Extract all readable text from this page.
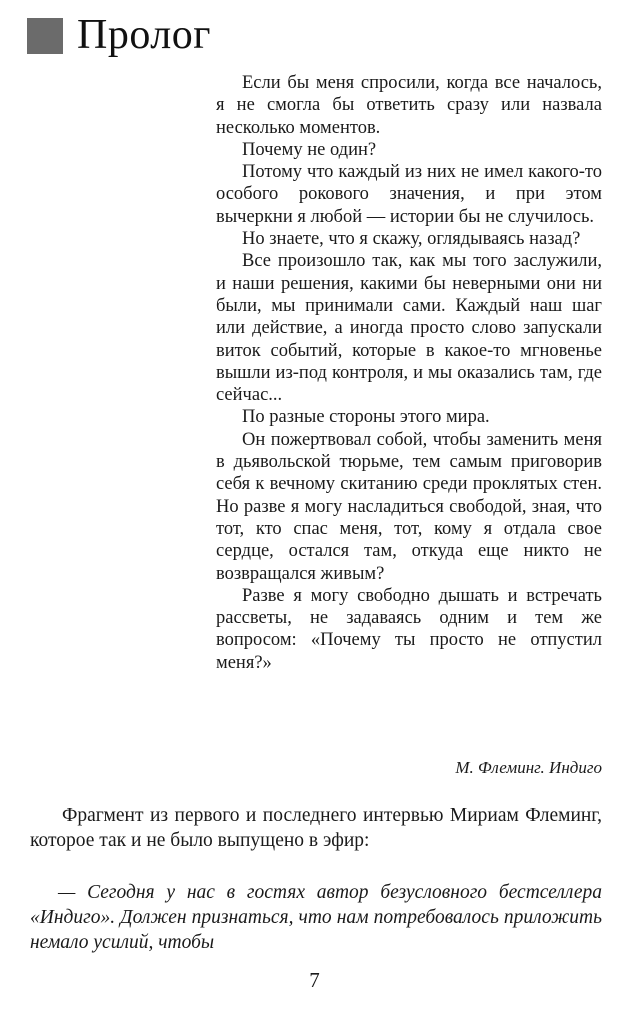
Пролог

Если бы меня спросили, когда все началось, я не смогла бы ответить сразу или назвала несколько моментов.

Почему не один?

Потому что каждый из них не имел какого-то особого рокового значения, и при этом вычеркни я любой — истории бы не случилось.

Но знаете, что я скажу, оглядываясь назад?

Все произошло так, как мы того заслужили, и наши решения, какими бы неверными они ни были, мы принимали сами. Каждый наш шаг или действие, а иногда просто слово запускали виток событий, которые в какое-то мгновенье вышли из-под контроля, и мы оказались там, где сейчас...

По разные стороны этого мира.

Он пожертвовал собой, чтобы заменить меня в дьявольской тюрьме, тем самым приговорив себя к вечному скитанию среди проклятых стен. Но разве я могу насладиться свободой, зная, что тот, кто спас меня, тот, кому я отдала свое сердце, остался там, откуда еще никто не возвращался живым?

Разве я могу свободно дышать и встречать рассветы, не задаваясь одним и тем же вопросом: «Почему ты просто не отпустил меня?»

М. Флеминг. Индиго

Фрагмент из первого и последнего интервью Мириам Флеминг, которое так и не было выпущено в эфир:

— Сегодня у нас в гостях автор безусловного бестселлера «Индиго». Должен признаться, что нам потребовалось приложить немало усилий, чтобы

7
